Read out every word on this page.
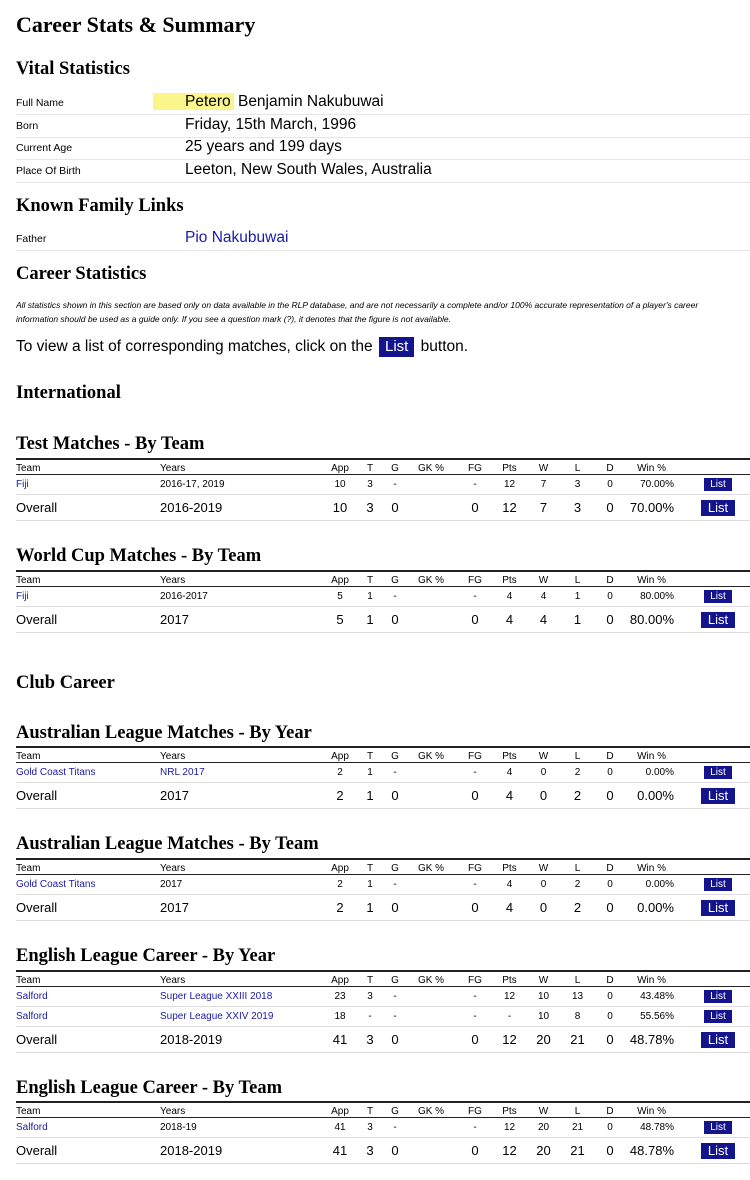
Career Stats & Summary
Vital Statistics
Full Name	Petero Benjamin Nakubuwai
Born	Friday, 15th March, 1996
Current Age	25 years and 199 days
Place Of Birth	Leeton, New South Wales, Australia
Known Family Links
Father	Pio Nakubuwai
Career Statistics
All statistics shown in this section are based only on data available in the RLP database, and are not necessarily a complete and/or 100% accurate representation of a player's career
information should be used as a guide only. If you see a question mark (?), it denotes that the figure is not available.
To view a list of corresponding matches, click on the List button.
International
Test Matches - By Team
Team	Years	App	T	G	GK %	FG	Pts	W	L	D	Win %	
Fiji	2016-17, 2019	10	3	-		-	12	7	3	0	70.00%	List
Overall	2016-2019	10	3	0		0	12	7	3	0	70.00%	List
World Cup Matches - By Team
Team	Years	App	T	G	GK %	FG	Pts	W	L	D	Win %	
Fiji	2016-2017	5	1	-		-	4	4	1	0	80.00%	List
Overall	2017	5	1	0		0	4	4	1	0	80.00%	List
Club Career
Australian League Matches - By Year
Team	Years	App	T	G	GK %	FG	Pts	W	L	D	Win %	
Gold Coast Titans	NRL 2017	2	1	-		-	4	0	2	0	0.00%	List
Overall	2017	2	1	0		0	4	0	2	0	0.00%	List
Australian League Matches - By Team
Team	Years	App	T	G	GK %	FG	Pts	W	L	D	Win %	
Gold Coast Titans	2017	2	1	-		-	4	0	2	0	0.00%	List
Overall	2017	2	1	0		0	4	0	2	0	0.00%	List
English League Career - By Year
Team	Years	App	T	G	GK %	FG	Pts	W	L	D	Win %	
Salford	Super League XXIII 2018	23	3	-		-	12	10	13	0	43.48%	List
Salford	Super League XXIV 2019	18	-	-		-	-	10	8	0	55.56%	List
Overall	2018-2019	41	3	0		0	12	20	21	0	48.78%	List
English League Career - By Team
Team	Years	App	T	G	GK %	FG	Pts	W	L	D	Win %	
Salford	2018-19	41	3	-		-	12	20	21	0	48.78%	List
Overall	2018-2019	41	3	0		0	12	20	21	0	48.78%	List
